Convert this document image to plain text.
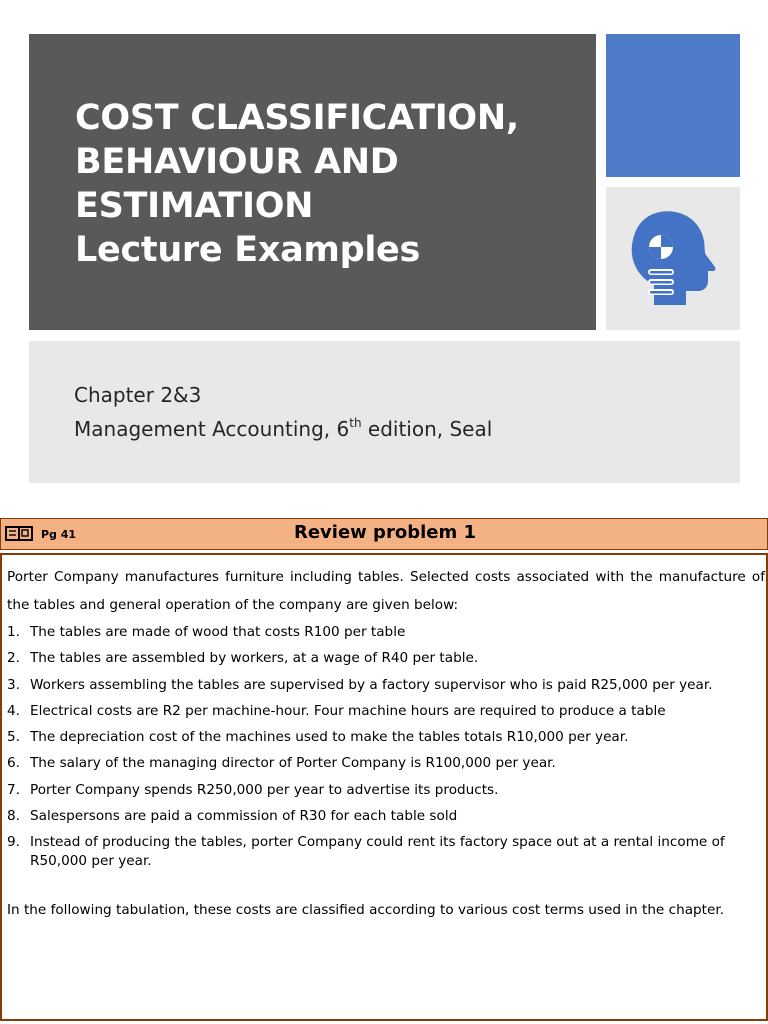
COST CLASSIFICATION,
BEHAVIOUR AND
ESTIMATION
Lecture Examples
Chapter 2&3
Management Accounting, 6th edition, Seal
Pg 41	Review problem 1

Porter Company manufactures furniture including tables. Selected costs associated with the manufacture of the tables and general operation of the company are given below:

1. The tables are made of wood that costs R100 per table
2. The tables are assembled by workers, at a wage of R40 per table.
3. Workers assembling the tables are supervised by a factory supervisor who is paid R25,000 per year.
4. Electrical costs are R2 per machine-hour. Four machine hours are required to produce a table
5. The depreciation cost of the machines used to make the tables totals R10,000 per year.
6. The salary of the managing director of Porter Company is R100,000 per year.
7. Porter Company spends R250,000 per year to advertise its products.
8. Salespersons are paid a commission of R30 for each table sold
9. Instead of producing the tables, porter Company could rent its factory space out at a rental income of R50,000 per year.

In the following tabulation, these costs are classified according to various cost terms used in the chapter.
